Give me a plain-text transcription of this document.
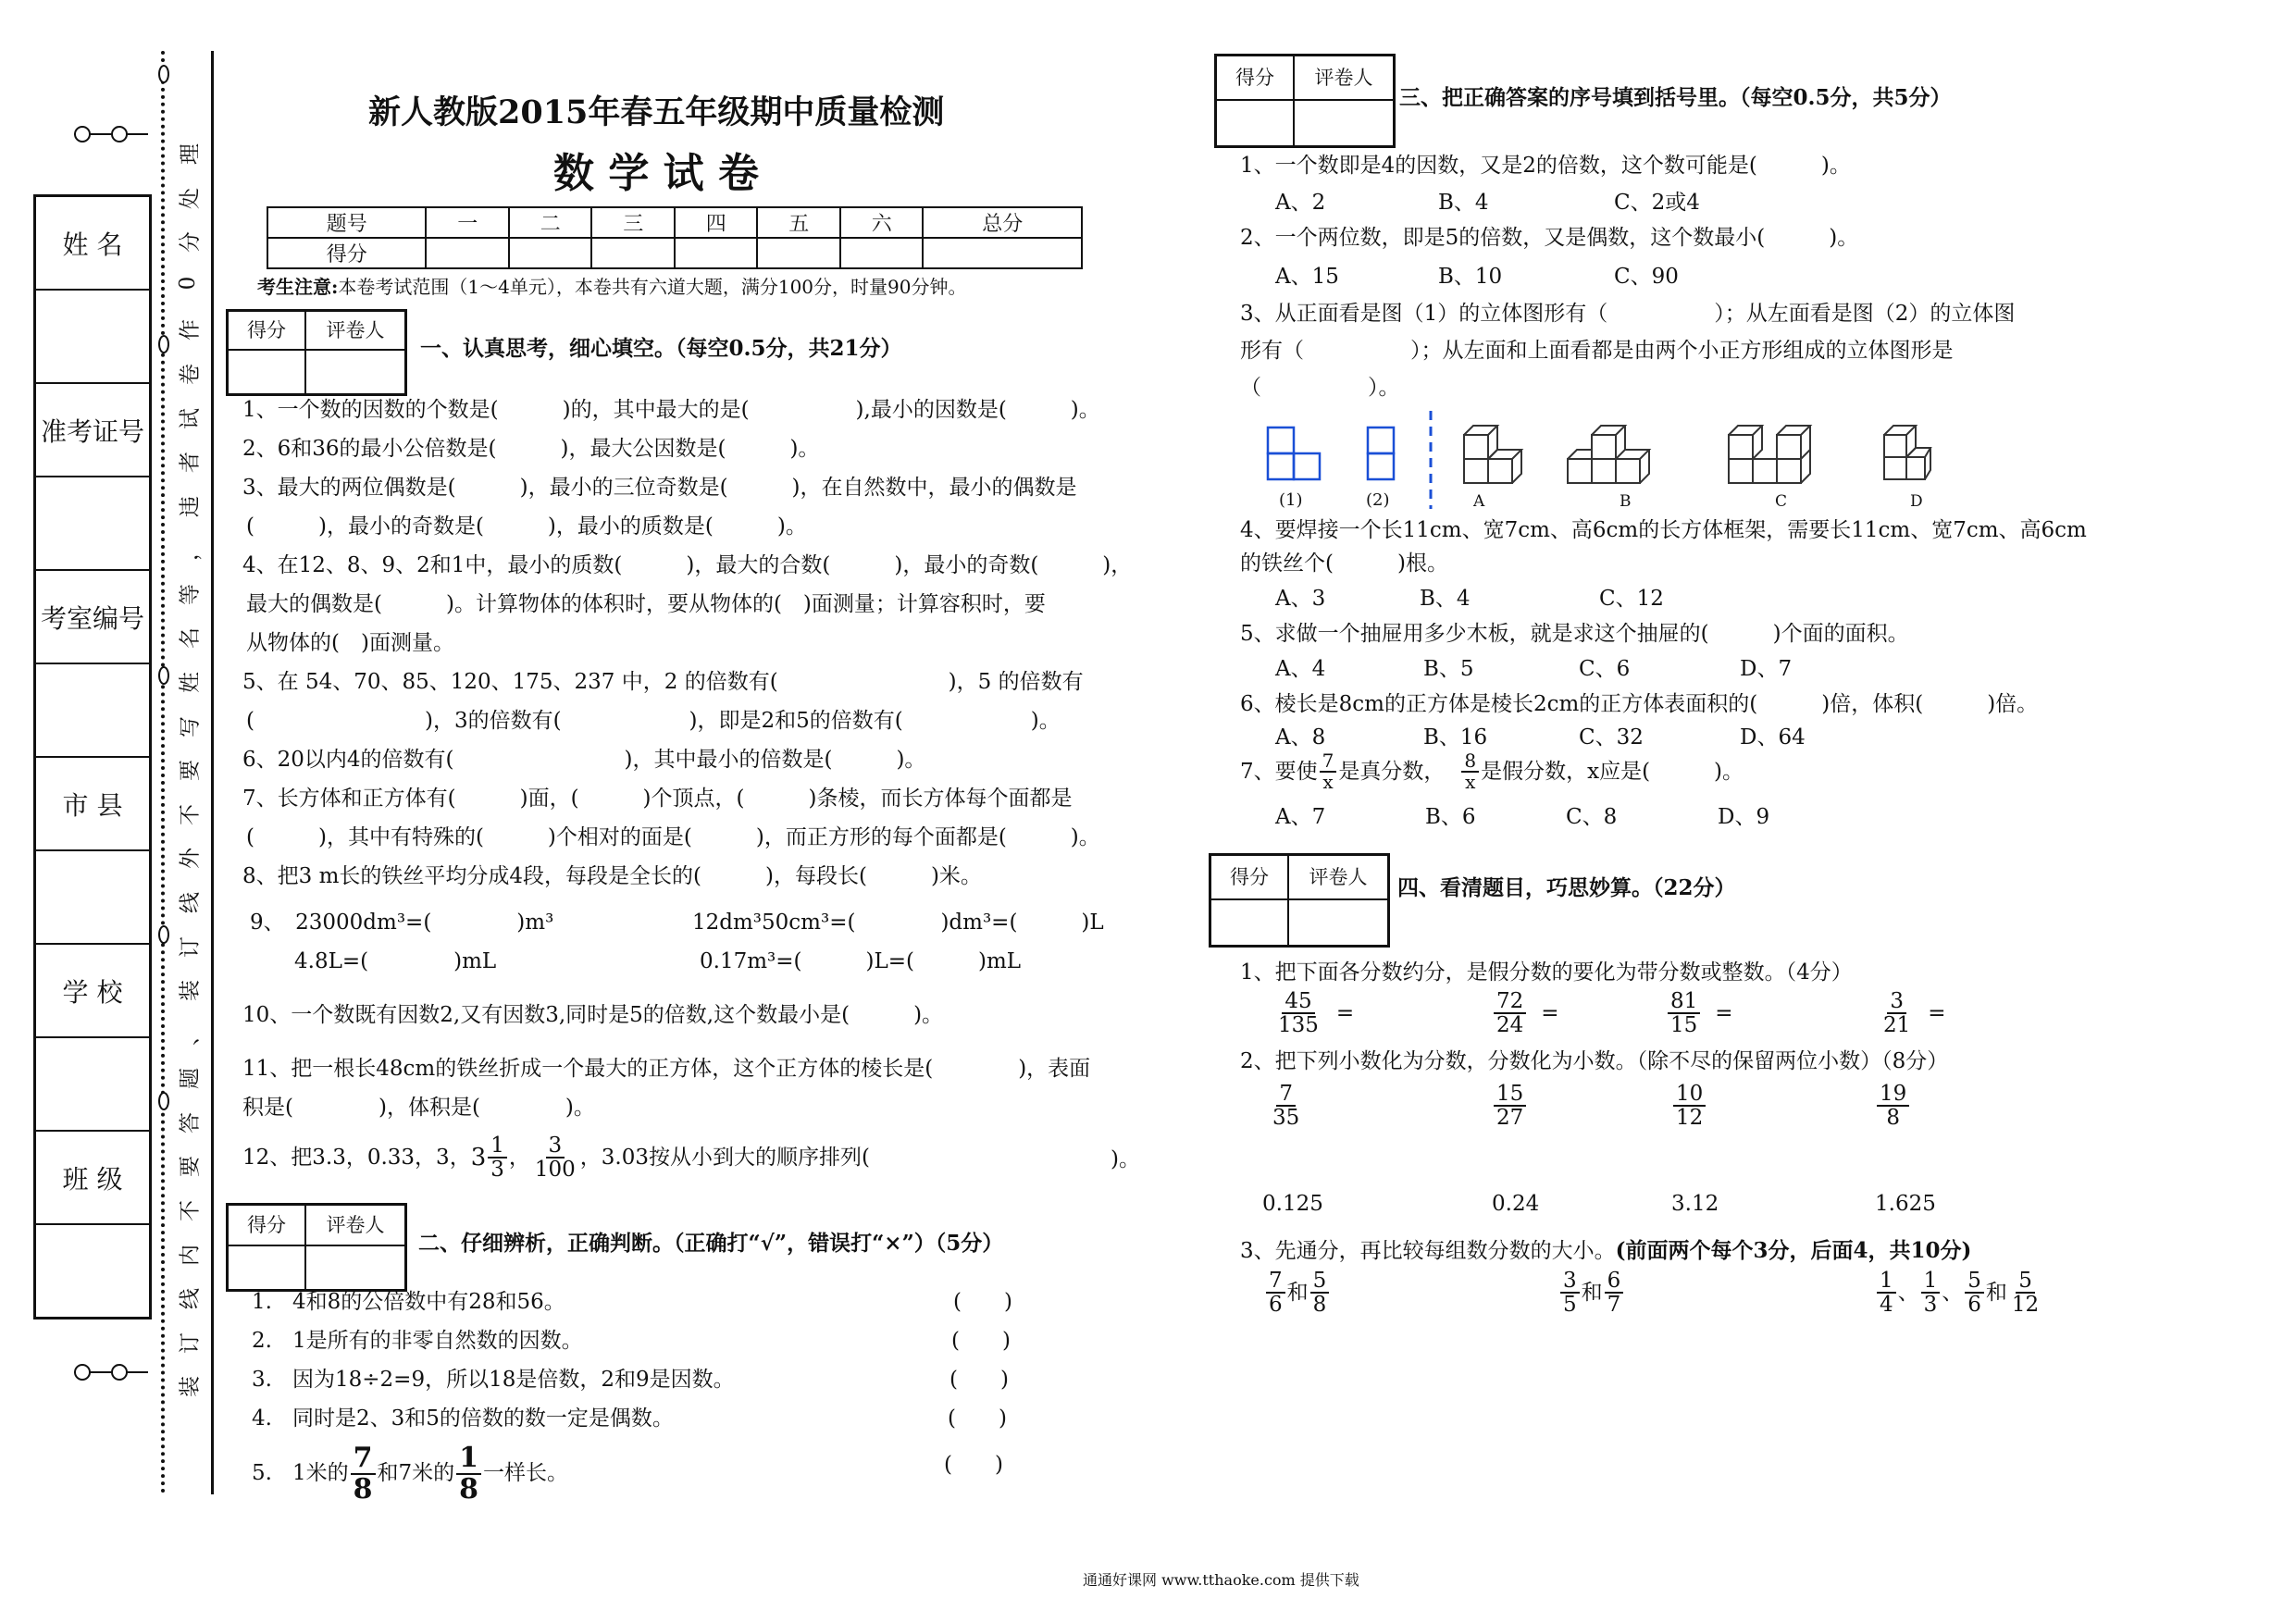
姓 名
准考证号
考室编号
市 县
学 校
班 级
理
处
分
0
作
卷
试
者
违
，
等
名
姓
写
要
不
外
线
订
装
、
题
答
要
不
内
线
订
装
新人教版2015年春五年级期中质量检测
数 学 试 卷
题号	一	二	三	四	五	六	总分
得分							
考生注意:本卷考试范围（1～4单元），本卷共有六道大题，满分100分，时量90分钟。
得分	评卷人
一、认真思考，细心填空。（每空0.5分，共21分）
1、一个数的因数的个数是(　　　)的，其中最大的是(　　　　　),最小的因数是(　　　)。
2、6和36的最小公倍数是(　　　)，最大公因数是(　　　)。
3、最大的两位偶数是(　　　)，最小的三位奇数是(　　　)，在自然数中，最小的偶数是
(　　　)，最小的奇数是(　　　)，最小的质数是(　　　)。
4、在12、8、9、2和1中，最小的质数(　　　)，最大的合数(　　　)，最小的奇数(　　　)，
最大的偶数是(　　　)。计算物体的体积时，要从物体的(　)面测量；计算容积时，要
从物体的(　)面测量。
5、在 54、70、85、120、175、237 中，2 的倍数有(　　　　　　　　)，5 的倍数有
(　　　　　　　　)，3的倍数有(　　　　　　)，即是2和5的倍数有(　　　　　　)。
6、20以内4的倍数有(　　　　　　　　)，其中最小的倍数是(　　　)。
7、长方体和正方体有(　　　)面，(　　　)个顶点，(　　　)条棱，而长方体每个面都是
(　　　)，其中有特殊的(　　　)个相对的面是(　　　)，而正方形的每个面都是(　　　)。
8、把3 m长的铁丝平均分成4段，每段是全长的(　　　)，每段长(　　　)米。
9、　23000dm³=(　　　　)m³	12dm³50cm³=(　　　　)dm³=(　　　)L
4.8L=(　　　　)mL	0.17m³=(　　　)L=(　　　)mL
10、一个数既有因数2,又有因数3,同时是5的倍数,这个数最小是(　　　)。
11、把一根长48cm的铁丝折成一个最大的正方体，这个正方体的棱长是(　　　　)，表面
积是(　　　　)，体积是(　　　　)。
12、把3.3，0.33，3， $3 \frac{1}{3}$ ， $\frac{3}{100}$ ，3.03按从小到大的顺序排列(	)。
得分	评卷人
二、仔细辨析，正确判断。（正确打“√”，错误打“×”）（5分）
1. 4和8的公倍数中有28和56。	(　　)
2. 1是所有的非零自然数的因数。	(　　)
3. 因为18÷2=9，所以18是倍数，2和9是因数。	(　　)
4. 同时是2、3和5的倍数的数一定是偶数。	(　　)
5. 1米的 $\frac{7}{8}$ 和7米的 $\frac{1}{8}$ 一样长。	(　　)
得分	评卷人
三、把正确答案的序号填到括号里。（每空0.5分，共5分）
1、一个数即是4的因数，又是2的倍数，这个数可能是(　　　)。
A、2	B、4	C、2或4
2、一个两位数，即是5的倍数，又是偶数，这个数最小(　　　)。
A、15	B、10	C、90
3、从正面看是图（1）的立体图形有（　　　　　）；从左面看是图（2）的立体图
形有（　　　　　）；从左面和上面看都是由两个小正方形组成的立体图形是
（　　　　　）。
(1)	(2)	A	B	C	D
4、要焊接一个长11cm、宽7cm、高6cm的长方体框架，需要长11cm、宽7cm、高6cm
的铁丝个(　　　)根。
A、3	B、4	C、12
5、求做一个抽屉用多少木板，就是求这个抽屉的(　　　)个面的面积。
A、4	B、5	C、6	D、7
6、棱长是8cm的正方体是棱长2cm的正方体表面积的(　　　)倍，体积(　　　)倍。
A、8	B、16	C、32	D、64
7、要使 $\frac{7}{x}$ 是真分数， $\frac{8}{x}$ 是假分数，x应是(　　　)。
A、7	B、6	C、8	D、9
得分	评卷人	四、看清题目，巧思妙算。（22分）
1、把下面各分数约分，是假分数的要化为带分数或整数。（4分）
$\frac{45}{135}$ =	$\frac{72}{24}$ =	$\frac{81}{15}$ =	$\frac{3}{21}$ =
2、把下列小数化为分数，分数化为小数。（除不尽的保留两位小数）（8分）
$\frac{7}{35}$	$\frac{15}{27}$	$\frac{10}{12}$	$\frac{19}{8}$
0.125	0.24	3.12	1.625
3、先通分，再比较每组数分数的大小。(前面两个每个3分，后面4，共10分)
$\frac{7}{6}$ 和 $\frac{5}{8}$	$\frac{3}{5}$ 和 $\frac{6}{7}$	$\frac{1}{4}$ 、 $\frac{1}{3}$ 、 $\frac{5}{6}$ 和 $\frac{5}{12}$
通通好课网 www.tthaoke.com 提供下载
